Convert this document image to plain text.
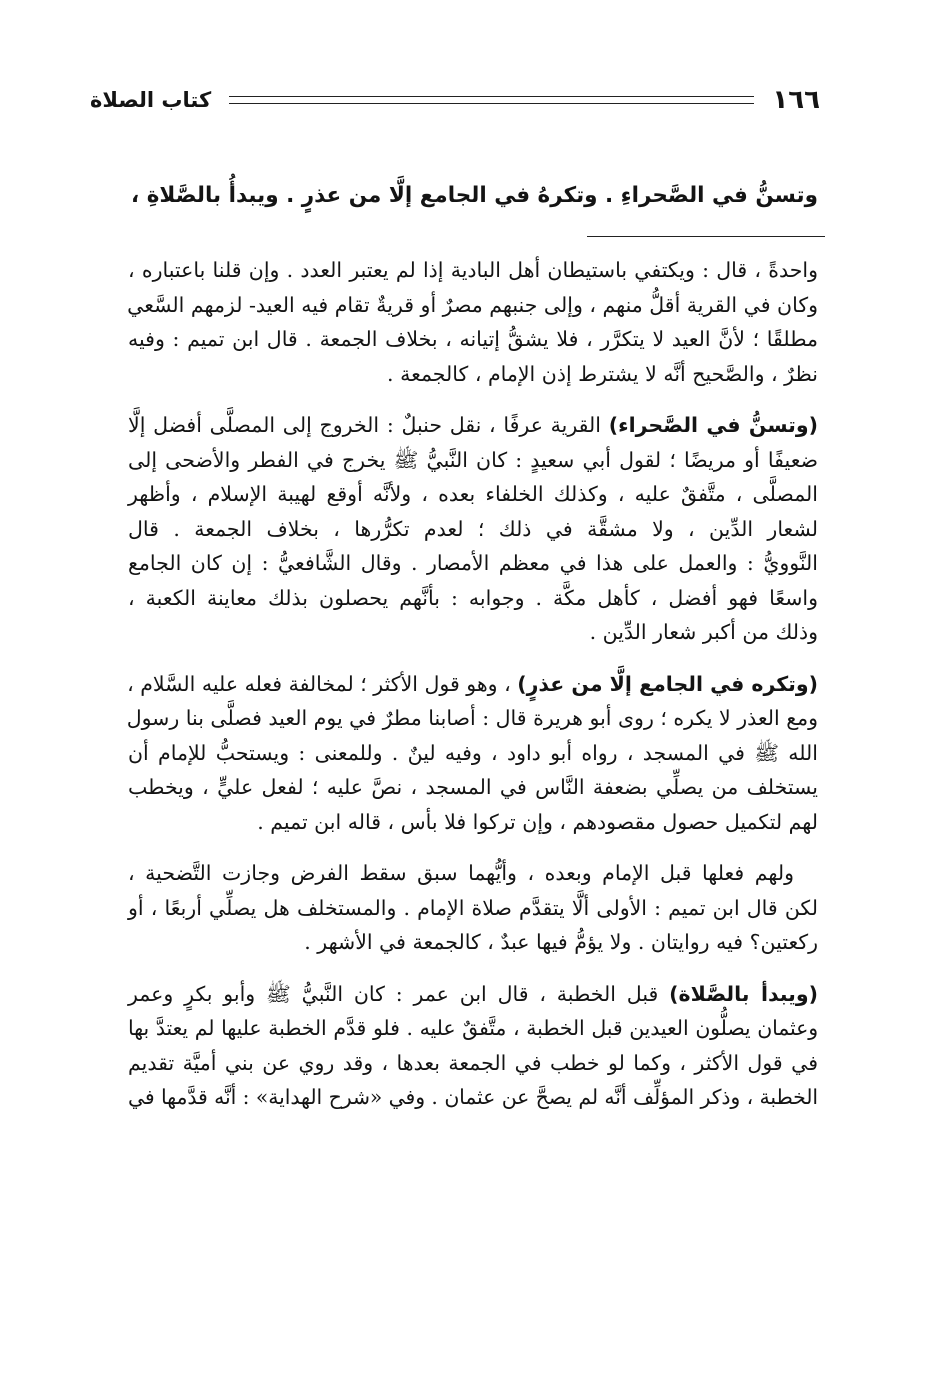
١٦٦
كتاب الصلاة
وتسنُّ في الصَّحراءِ . وتكرهُ في الجامع إلَّا من عذرٍ . ويبدأُ بالصَّلاةِ ،

واحدةً ، قال : ويكتفي باستيطان أهل البادية إذا لم يعتبر العدد . وإن قلنا باعتباره ،
وكان في القرية أقلُّ منهم ، وإلى جنبهم مصرٌ أو قريةٌ تقام فيه العيد- لزمهم السَّعي
مطلقًا ؛ لأنَّ العيد لا يتكرَّر ، فلا يشقُّ إتيانه ، بخلاف الجمعة . قال ابن تميم : وفيه
نظرٌ ، والصَّحيح أنَّه لا يشترط إذن الإمام ، كالجمعة .

(وتسنُّ في الصَّحراء) القرية عرفًا ، نقل حنبلٌ : الخروج إلى المصلَّى أفضل إلَّا
ضعيفًا أو مريضًا ؛ لقول أبي سعيدٍ : كان النَّبيُّ ﷺ يخرج في الفطر والأضحى إلى
المصلَّى ، متَّفقٌ عليه ، وكذلك الخلفاء بعده ، ولأنَّه أوقع لهيبة الإسلام ، وأظهر
لشعار الدِّين ، ولا مشقَّة في ذلك ؛ لعدم تكرُّرها ، بخلاف الجمعة . قال
النَّوويُّ : والعمل على هذا في معظم الأمصار . وقال الشَّافعيُّ : إن كان الجامع
واسعًا فهو أفضل ، كأهل مكَّة . وجوابه : بأنَّهم يحصلون بذلك معاينة الكعبة ،
وذلك من أكبر شعار الدِّين .

(وتكره في الجامع إلَّا من عذرٍ) ، وهو قول الأكثر ؛ لمخالفة فعله عليه السَّلام ،
ومع العذر لا يكره ؛ روى أبو هريرة قال : أصابنا مطرٌ في يوم العيد فصلَّى بنا رسول
الله ﷺ في المسجد ، رواه أبو داود ، وفيه لينٌ . وللمعنى : ويستحبُّ للإمام أن
يستخلف من يصلِّي بضعفة النَّاس في المسجد ، نصَّ عليه ؛ لفعل عليٍّ ، ويخطب
لهم لتكميل حصول مقصودهم ، وإن تركوا فلا بأس ، قاله ابن تميم .

ولهم فعلها قبل الإمام وبعده ، وأيُّهما سبق سقط الفرض وجازت التَّضحية ،
لكن قال ابن تميم : الأولى ألَّا يتقدَّم صلاة الإمام . والمستخلف هل يصلِّي أربعًا ، أو
ركعتين؟ فيه روايتان . ولا يؤمُّ فيها عبدٌ ، كالجمعة في الأشهر .

(ويبدأ بالصَّلاة) قبل الخطبة ، قال ابن عمر : كان النَّبيُّ ﷺ وأبو بكرٍ وعمر
وعثمان يصلُّون العيدين قبل الخطبة ، متَّفقٌ عليه . فلو قدَّم الخطبة عليها لم يعتدَّ بها
في قول الأكثر ، وكما لو خطب في الجمعة بعدها ، وقد روي عن بني أميَّة تقديم
الخطبة ، وذكر المؤلِّف أنَّه لم يصحَّ عن عثمان . وفي «شرح الهداية» : أنَّه قدَّمها في
